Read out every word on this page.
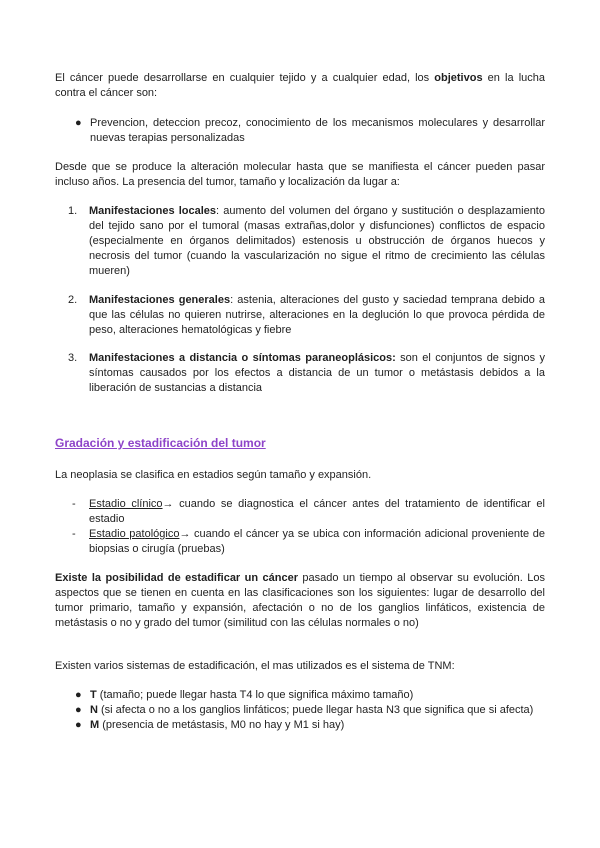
El cáncer puede desarrollarse en cualquier tejido y a cualquier edad, los objetivos en la lucha contra el cáncer son:
● Prevencion, deteccion precoz, conocimiento de los mecanismos moleculares y desarrollar nuevas terapias personalizadas
Desde que se produce la alteración molecular hasta que se manifiesta el cáncer pueden pasar incluso años. La presencia del tumor, tamaño y localización da lugar a:
1. Manifestaciones locales: aumento del volumen del órgano y sustitución o desplazamiento del tejido sano por el tumoral (masas extrañas,dolor y disfunciones) conflictos de espacio (especialmente en órganos delimitados) estenosis u obstrucción de órganos huecos y necrosis del tumor (cuando la vascularización no sigue el ritmo de crecimiento las células mueren)
2. Manifestaciones generales: astenia, alteraciones del gusto y saciedad temprana debido a que las células no quieren nutrirse, alteraciones en la deglución lo que provoca pérdida de peso, alteraciones hematológicas y fiebre
3. Manifestaciones a distancia o síntomas paraneoplásicos: son el conjuntos de signos y síntomas causados por los efectos a distancia de un tumor o metástasis debidos a la liberación de sustancias a distancia
Gradación y estadificación del tumor
La neoplasia se clasifica en estadios según tamaño y expansión.
- Estadio clínico→ cuando se diagnostica el cáncer antes del tratamiento de identificar el estadio
- Estadio patológico→ cuando el cáncer ya se ubica con información adicional proveniente de biopsias o cirugía (pruebas)
Existe la posibilidad de estadificar un cáncer pasado un tiempo al observar su evolución. Los aspectos que se tienen en cuenta en las clasificaciones son los siguientes: lugar de desarrollo del tumor primario, tamaño y expansión, afectación o no de los ganglios linfáticos, existencia de metástasis o no y grado del tumor (similitud con las células normales o no)
Existen varios sistemas de estadificación, el mas utilizados es el sistema de TNM:
● T (tamaño; puede llegar hasta T4 lo que significa máximo tamaño)
● N (si afecta o no a los ganglios linfáticos; puede llegar hasta N3 que significa que si afecta)
● M (presencia de metástasis, M0 no hay y M1 si hay)
